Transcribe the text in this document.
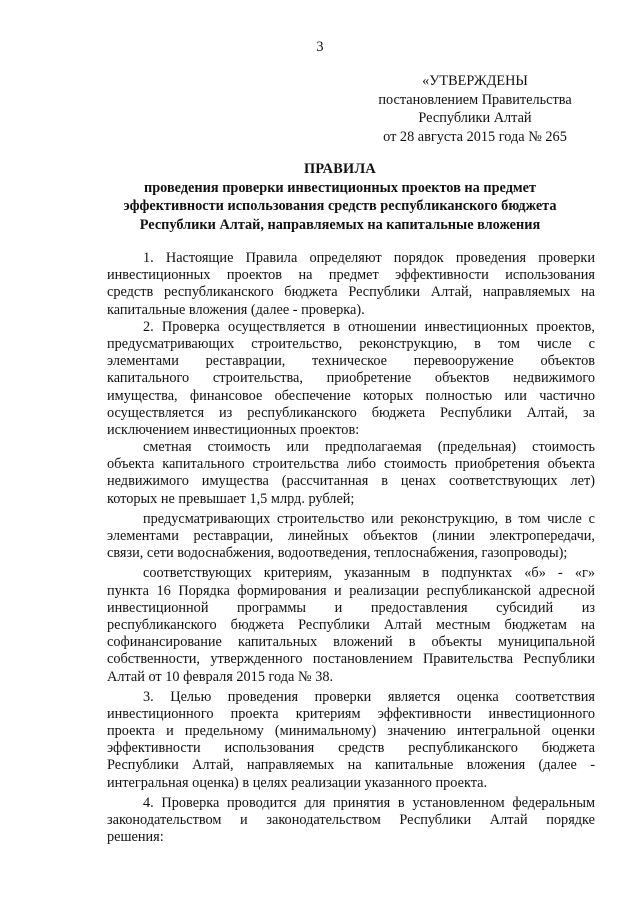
3
«УТВЕРЖДЕНЫ
постановлением Правительства
Республики Алтай
от 28 августа 2015 года № 265
ПРАВИЛА
проведения проверки инвестиционных проектов на предмет
эффективности использования средств республиканского бюджета
Республики Алтай, направляемых на капитальные вложения
1. Настоящие Правила определяют порядок проведения проверки
инвестиционных проектов на предмет эффективности использования
средств республиканского бюджета Республики Алтай, направляемых на
капитальные вложения (далее - проверка).
2. Проверка осуществляется в отношении инвестиционных проектов,
предусматривающих строительство, реконструкцию, в том числе с
элементами реставрации, техническое перевооружение объектов
капитального строительства, приобретение объектов недвижимого
имущества, финансовое обеспечение которых полностью или частично
осуществляется из республиканского бюджета Республики Алтай, за
исключением инвестиционных проектов:
сметная стоимость или предполагаемая (предельная) стоимость
объекта капитального строительства либо стоимость приобретения объекта
недвижимого имущества (рассчитанная в ценах соответствующих лет)
которых не превышает 1,5 млрд. рублей;
предусматривающих строительство или реконструкцию, в том числе с
элементами реставрации, линейных объектов (линии электропередачи,
связи, сети водоснабжения, водоотведения, теплоснабжения, газопроводы);
соответствующих критериям, указанным в подпунктах «б» - «г»
пункта 16 Порядка формирования и реализации республиканской адресной
инвестиционной программы и предоставления субсидий из
республиканского бюджета Республики Алтай местным бюджетам на
софинансирование капитальных вложений в объекты муниципальной
собственности, утвержденного постановлением Правительства Республики
Алтай от 10 февраля 2015 года № 38.
3. Целью проведения проверки является оценка соответствия
инвестиционного проекта критериям эффективности инвестиционного
проекта и предельному (минимальному) значению интегральной оценки
эффективности использования средств республиканского бюджета
Республики Алтай, направляемых на капитальные вложения (далее -
интегральная оценка) в целях реализации указанного проекта.
4. Проверка проводится для принятия в установленном федеральным
законодательством и законодательством Республики Алтай порядке
решения:
